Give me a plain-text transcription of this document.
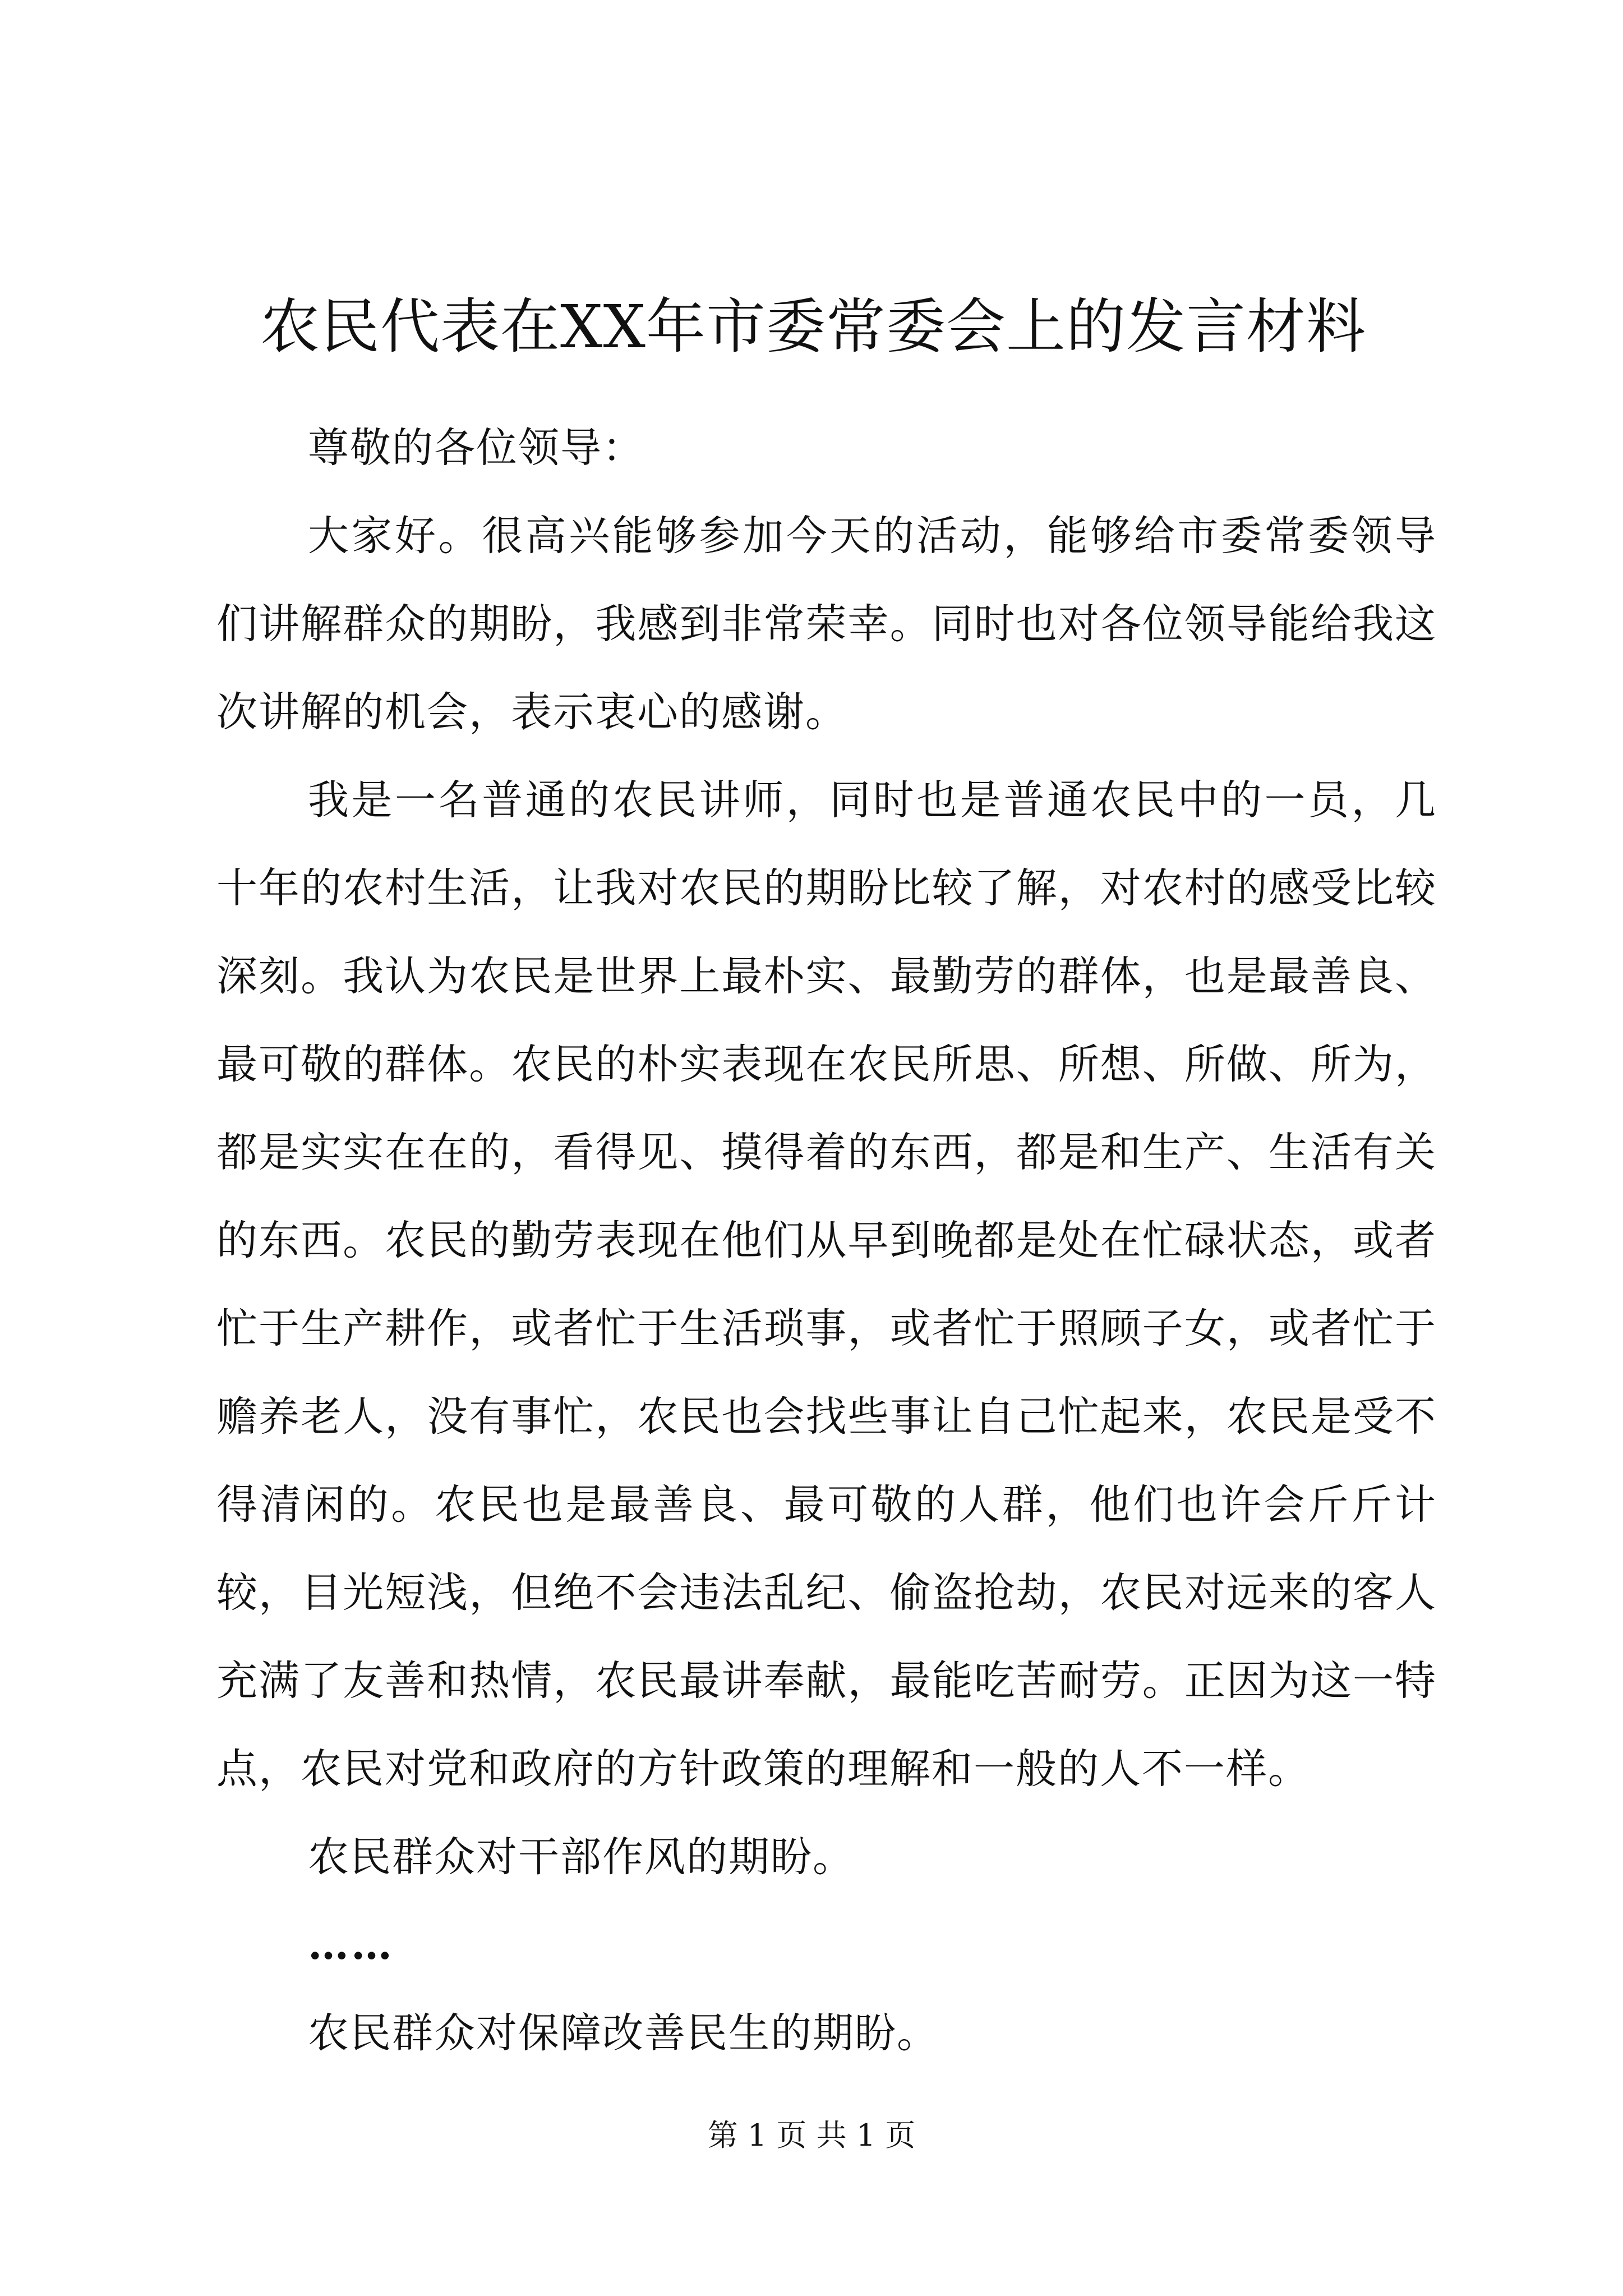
农民代表在XX年市委常委会上的发言材料

尊敬的各位领导：

大家好。很高兴能够参加今天的活动，能够给市委常委领导们讲解群众的期盼，我感到非常荣幸。同时也对各位领导能给我这次讲解的机会，表示衷心的感谢。

我是一名普通的农民讲师，同时也是普通农民中的一员，几十年的农村生活，让我对农民的期盼比较了解，对农村的感受比较深刻。我认为农民是世界上最朴实、最勤劳的群体，也是最善良、最可敬的群体。农民的朴实表现在农民所思、所想、所做、所为，都是实实在在的，看得见、摸得着的东西，都是和生产、生活有关的东西。农民的勤劳表现在他们从早到晚都是处在忙碌状态，或者忙于生产耕作，或者忙于生活琐事，或者忙于照顾子女，或者忙于赡养老人，没有事忙，农民也会找些事让自己忙起来，农民是受不得清闲的。农民也是最善良、最可敬的人群，他们也许会斤斤计较，目光短浅，但绝不会违法乱纪、偷盗抢劫，农民对远来的客人充满了友善和热情，农民最讲奉献，最能吃苦耐劳。正因为这一特点，农民对党和政府的方针政策的理解和一般的人不一样。

农民群众对干部作风的期盼。

……

农民群众对保障改善民生的期盼。

第 1 页 共 1 页
